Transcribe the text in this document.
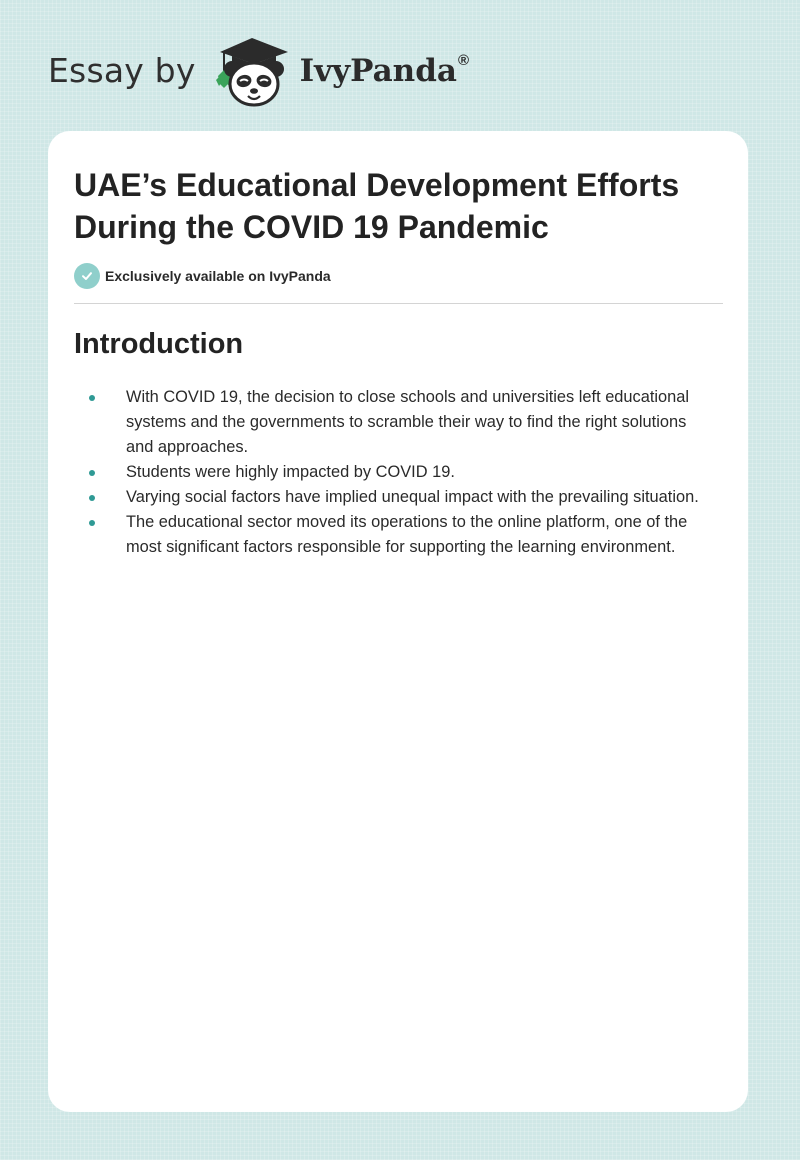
Essay by	IvyPanda®
UAE’s Educational Development Efforts During the COVID 19 Pandemic
Exclusively available on IvyPanda
Introduction
With COVID 19, the decision to close schools and universities left educational systems and the governments to scramble their way to find the right solutions and approaches.
Students were highly impacted by COVID 19.
Varying social factors have implied unequal impact with the prevailing situation.
The educational sector moved its operations to the online platform, one of the most significant factors responsible for supporting the learning environment.
